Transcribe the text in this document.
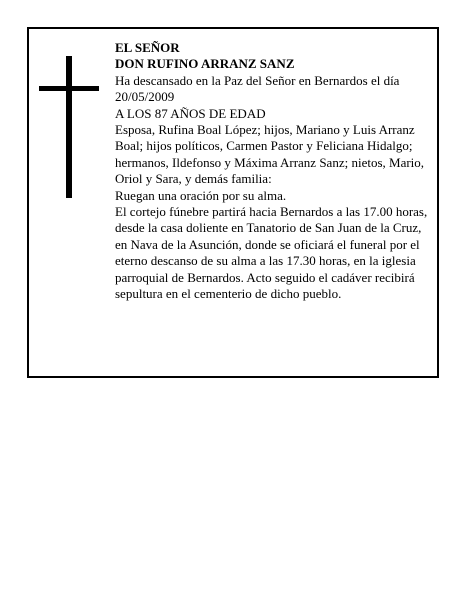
EL SEÑOR

DON RUFINO ARRANZ SANZ

Ha descansado en la Paz del Señor en Bernardos el día 20/05/2009

A LOS 87 AÑOS DE EDAD

Esposa, Rufina Boal López; hijos, Mariano y Luis Arranz Boal; hijos políticos, Carmen Pastor y Feliciana Hidalgo; hermanos, Ildefonso y Máxima Arranz Sanz; nietos, Mario, Oriol y Sara, y demás familia:

Ruegan una oración por su alma.

El cortejo fúnebre partirá hacia Bernardos a las 17.00 horas, desde la casa doliente en Tanatorio de San Juan de la Cruz, en Nava de la Asunción, donde se oficiará el funeral por el eterno descanso de su alma a las 17.30 horas, en la iglesia parroquial de Bernardos. Acto seguido el cadáver recibirá sepultura en el cementerio de dicho pueblo.
